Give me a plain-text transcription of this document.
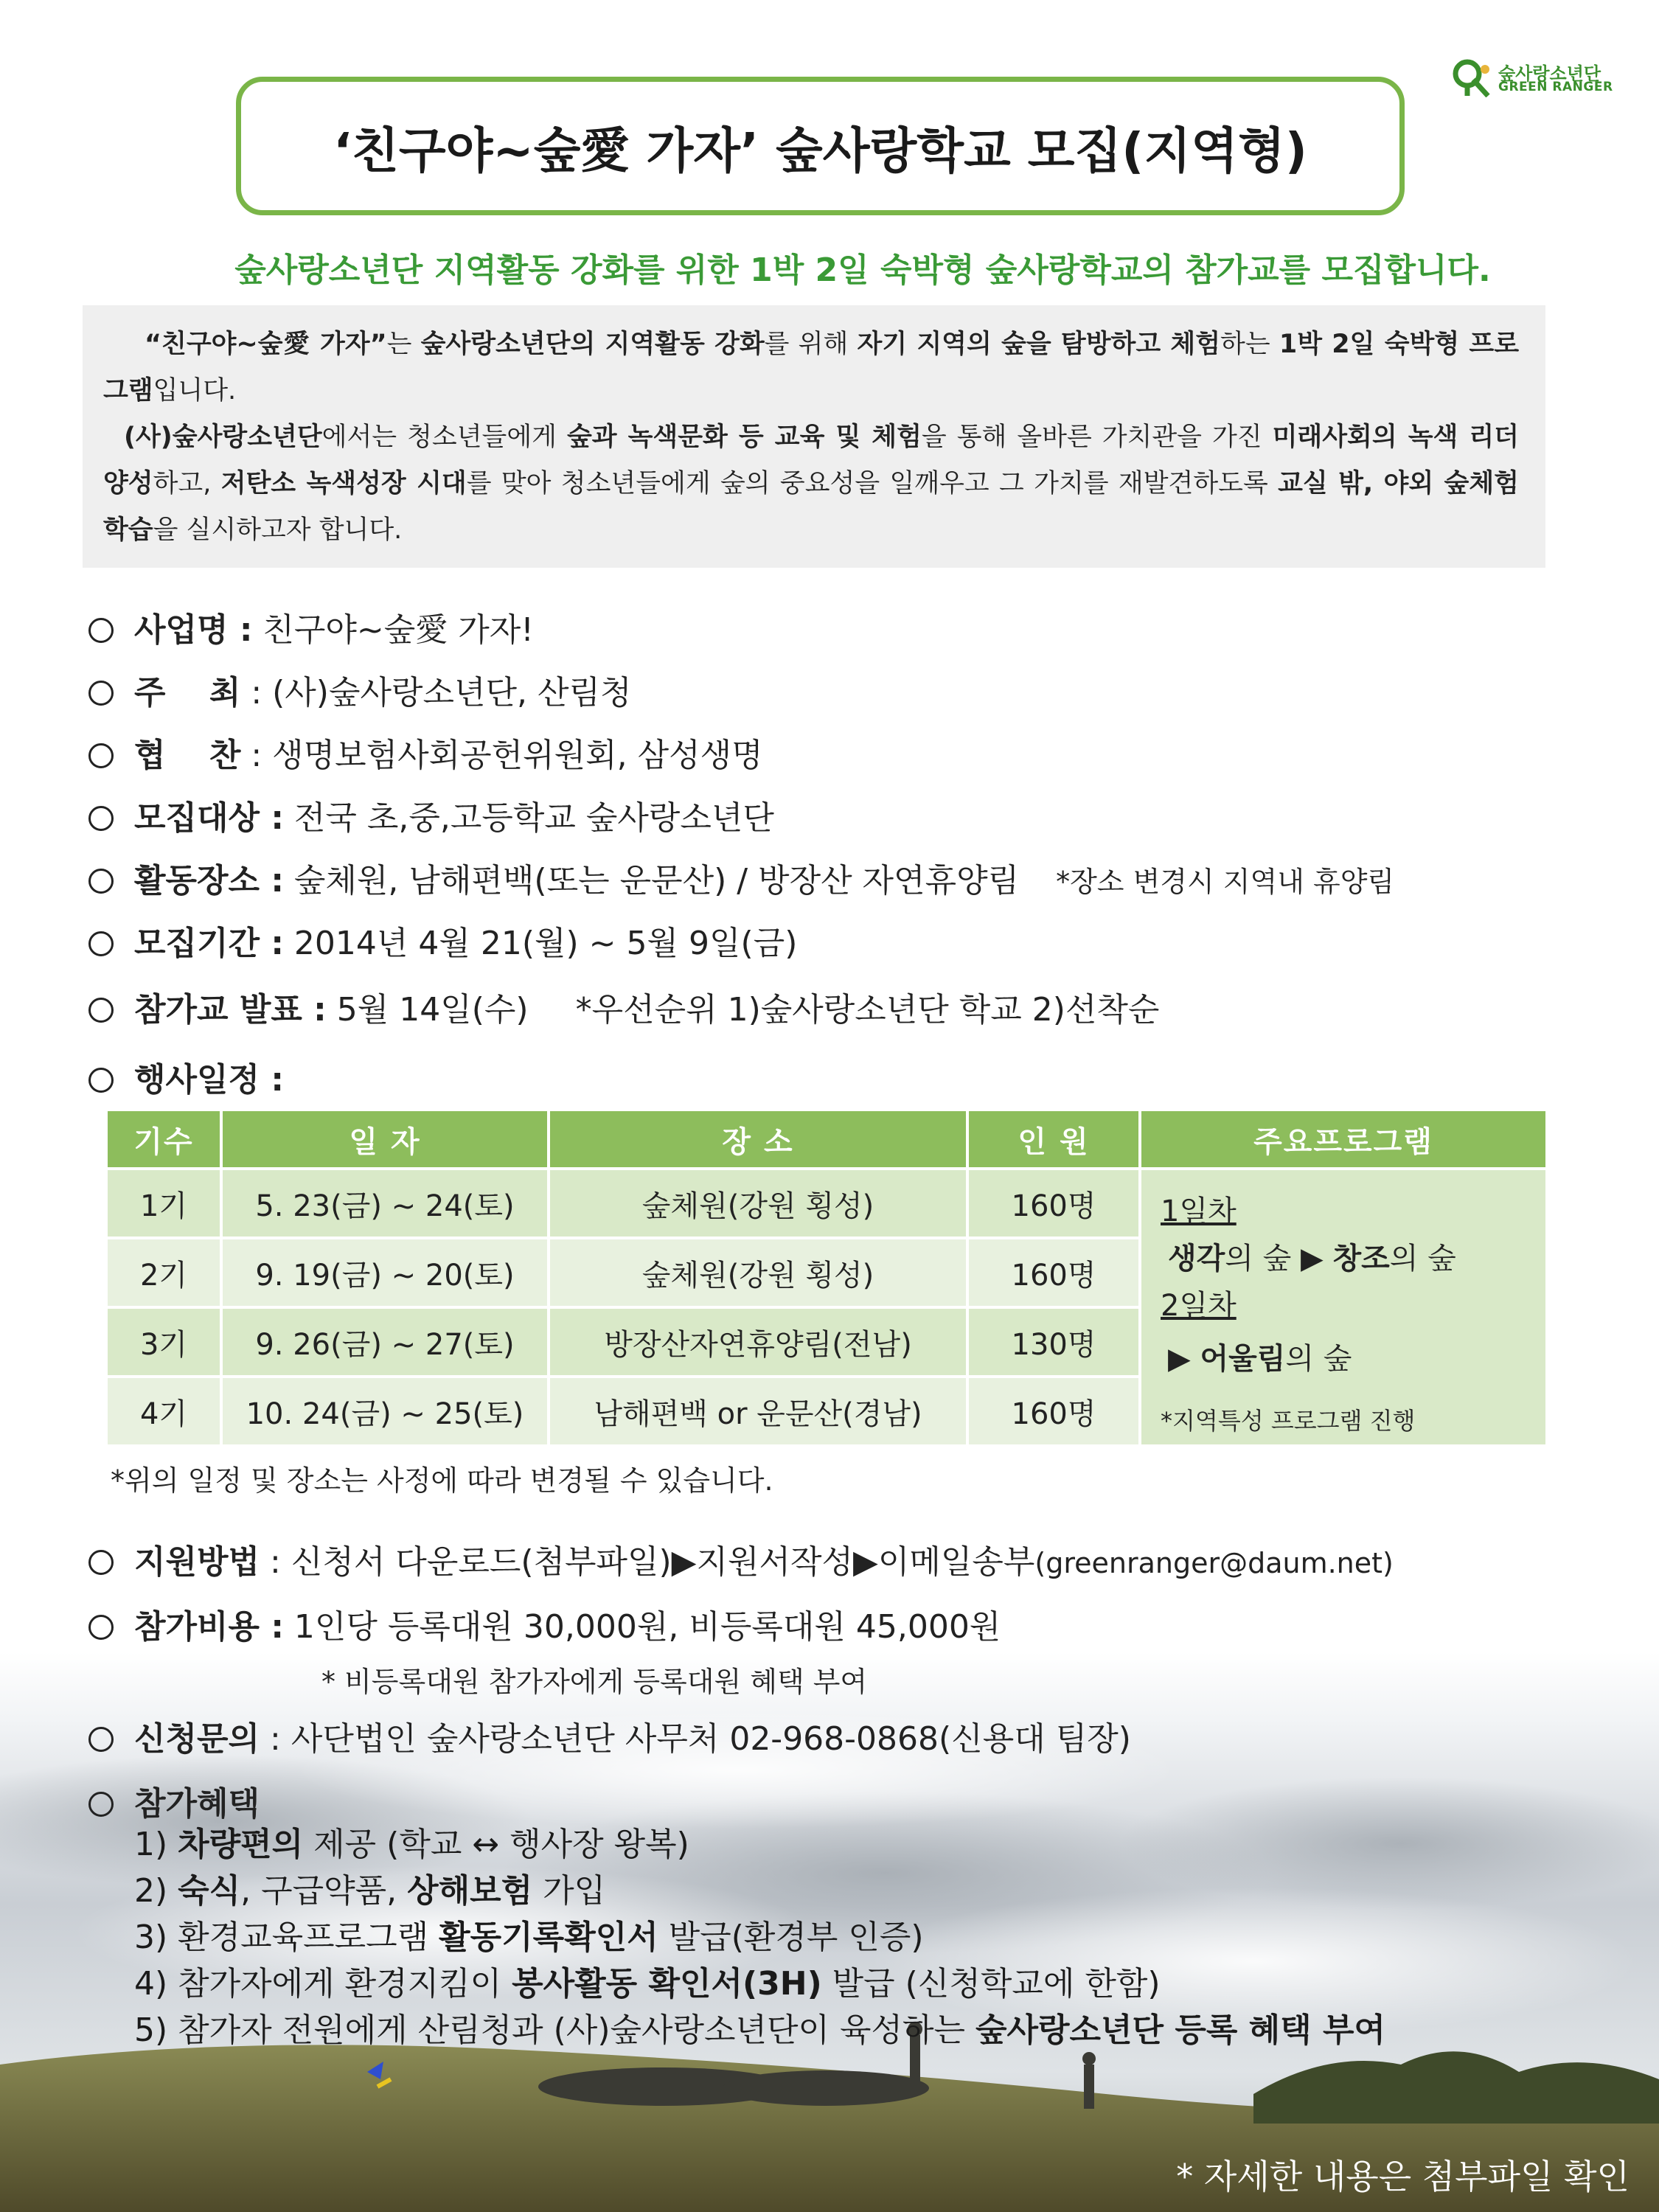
숲사랑소년단
GREEN RANGER
‘친구야~숲愛 가자’ 숲사랑학교 모집(지역형)
숲사랑소년단 지역활동 강화를 위한 1박 2일 숙박형 숲사랑학교의 참가교를 모집합니다.

“친구야~숲愛 가자”는 숲사랑소년단의 지역활동 강화를 위해 자기 지역의 숲을 탐방하고 체험하는 1박 2일 숙박형 프로그램입니다.

(사)숲사랑소년단에서는 청소년들에게 숲과 녹색문화 등 교육 및 체험을 통해 올바른 가치관을 가진 미래사회의 녹색 리더 양성하고, 저탄소 녹색성장 시대를 맞아 청소년들에게 숲의 중요성을 일깨우고 그 가치를 재발견하도록 교실 밖, 야외 숲체험 학습을 실시하고자 합니다.

사업명 : 친구야~숲愛 가자!
주　 최 : (사)숲사랑소년단, 산림청
협　 찬 : 생명보험사회공헌위원회, 삼성생명
모집대상 : 전국 초,중,고등학교 숲사랑소년단
활동장소 : 숲체원, 남해편백(또는 운문산) / 방장산 자연휴양림 *장소 변경시 지역내 휴양림
모집기간 : 2014년 4월 21(월) ~ 5월 9일(금)
참가교 발표 : 5월 14일(수) *우선순위 1)숲사랑소년단 학교 2)선착순
행사일정 :
기수	일 자	장 소	인 원	주요프로그램
1기	5. 23(금) ~ 24(토)	숲체원(강원 횡성)	160명	1일차
생각의 숲 ▶ 창조의 숲
2일차
▶ 어울림의 숲
*지역특성 프로그램 진행

2기	9. 19(금) ~ 20(토)	숲체원(강원 횡성)	160명	
3기	9. 26(금) ~ 27(토)	방장산자연휴양림(전남)	130명	
4기	10. 24(금) ~ 25(토)	남해편백 or 운문산(경남)	160명	
*위의 일정 및 장소는 사정에 따라 변경될 수 있습니다.
지원방법 : 신청서 다운로드(첨부파일)▶지원서작성▶이메일송부(greenranger@daum.net)
참가비용 : 1인당 등록대원 30,000원, 비등록대원 45,000원
* 비등록대원 참가자에게 등록대원 혜택 부여
신청문의 : 사단법인 숲사랑소년단 사무처 02-968-0868(신용대 팀장)
참가혜택
1) 차량편의 제공 (학교 ↔ 행사장 왕복)
2) 숙식, 구급약품, 상해보험 가입
3) 환경교육프로그램 활동기록확인서 발급(환경부 인증)
4) 참가자에게 환경지킴이 봉사활동 확인서(3H) 발급 (신청학교에 한함)
5) 참가자 전원에게 산림청과 (사)숲사랑소년단이 육성하는 숲사랑소년단 등록 혜택 부여
* 자세한 내용은 첨부파일 확인
